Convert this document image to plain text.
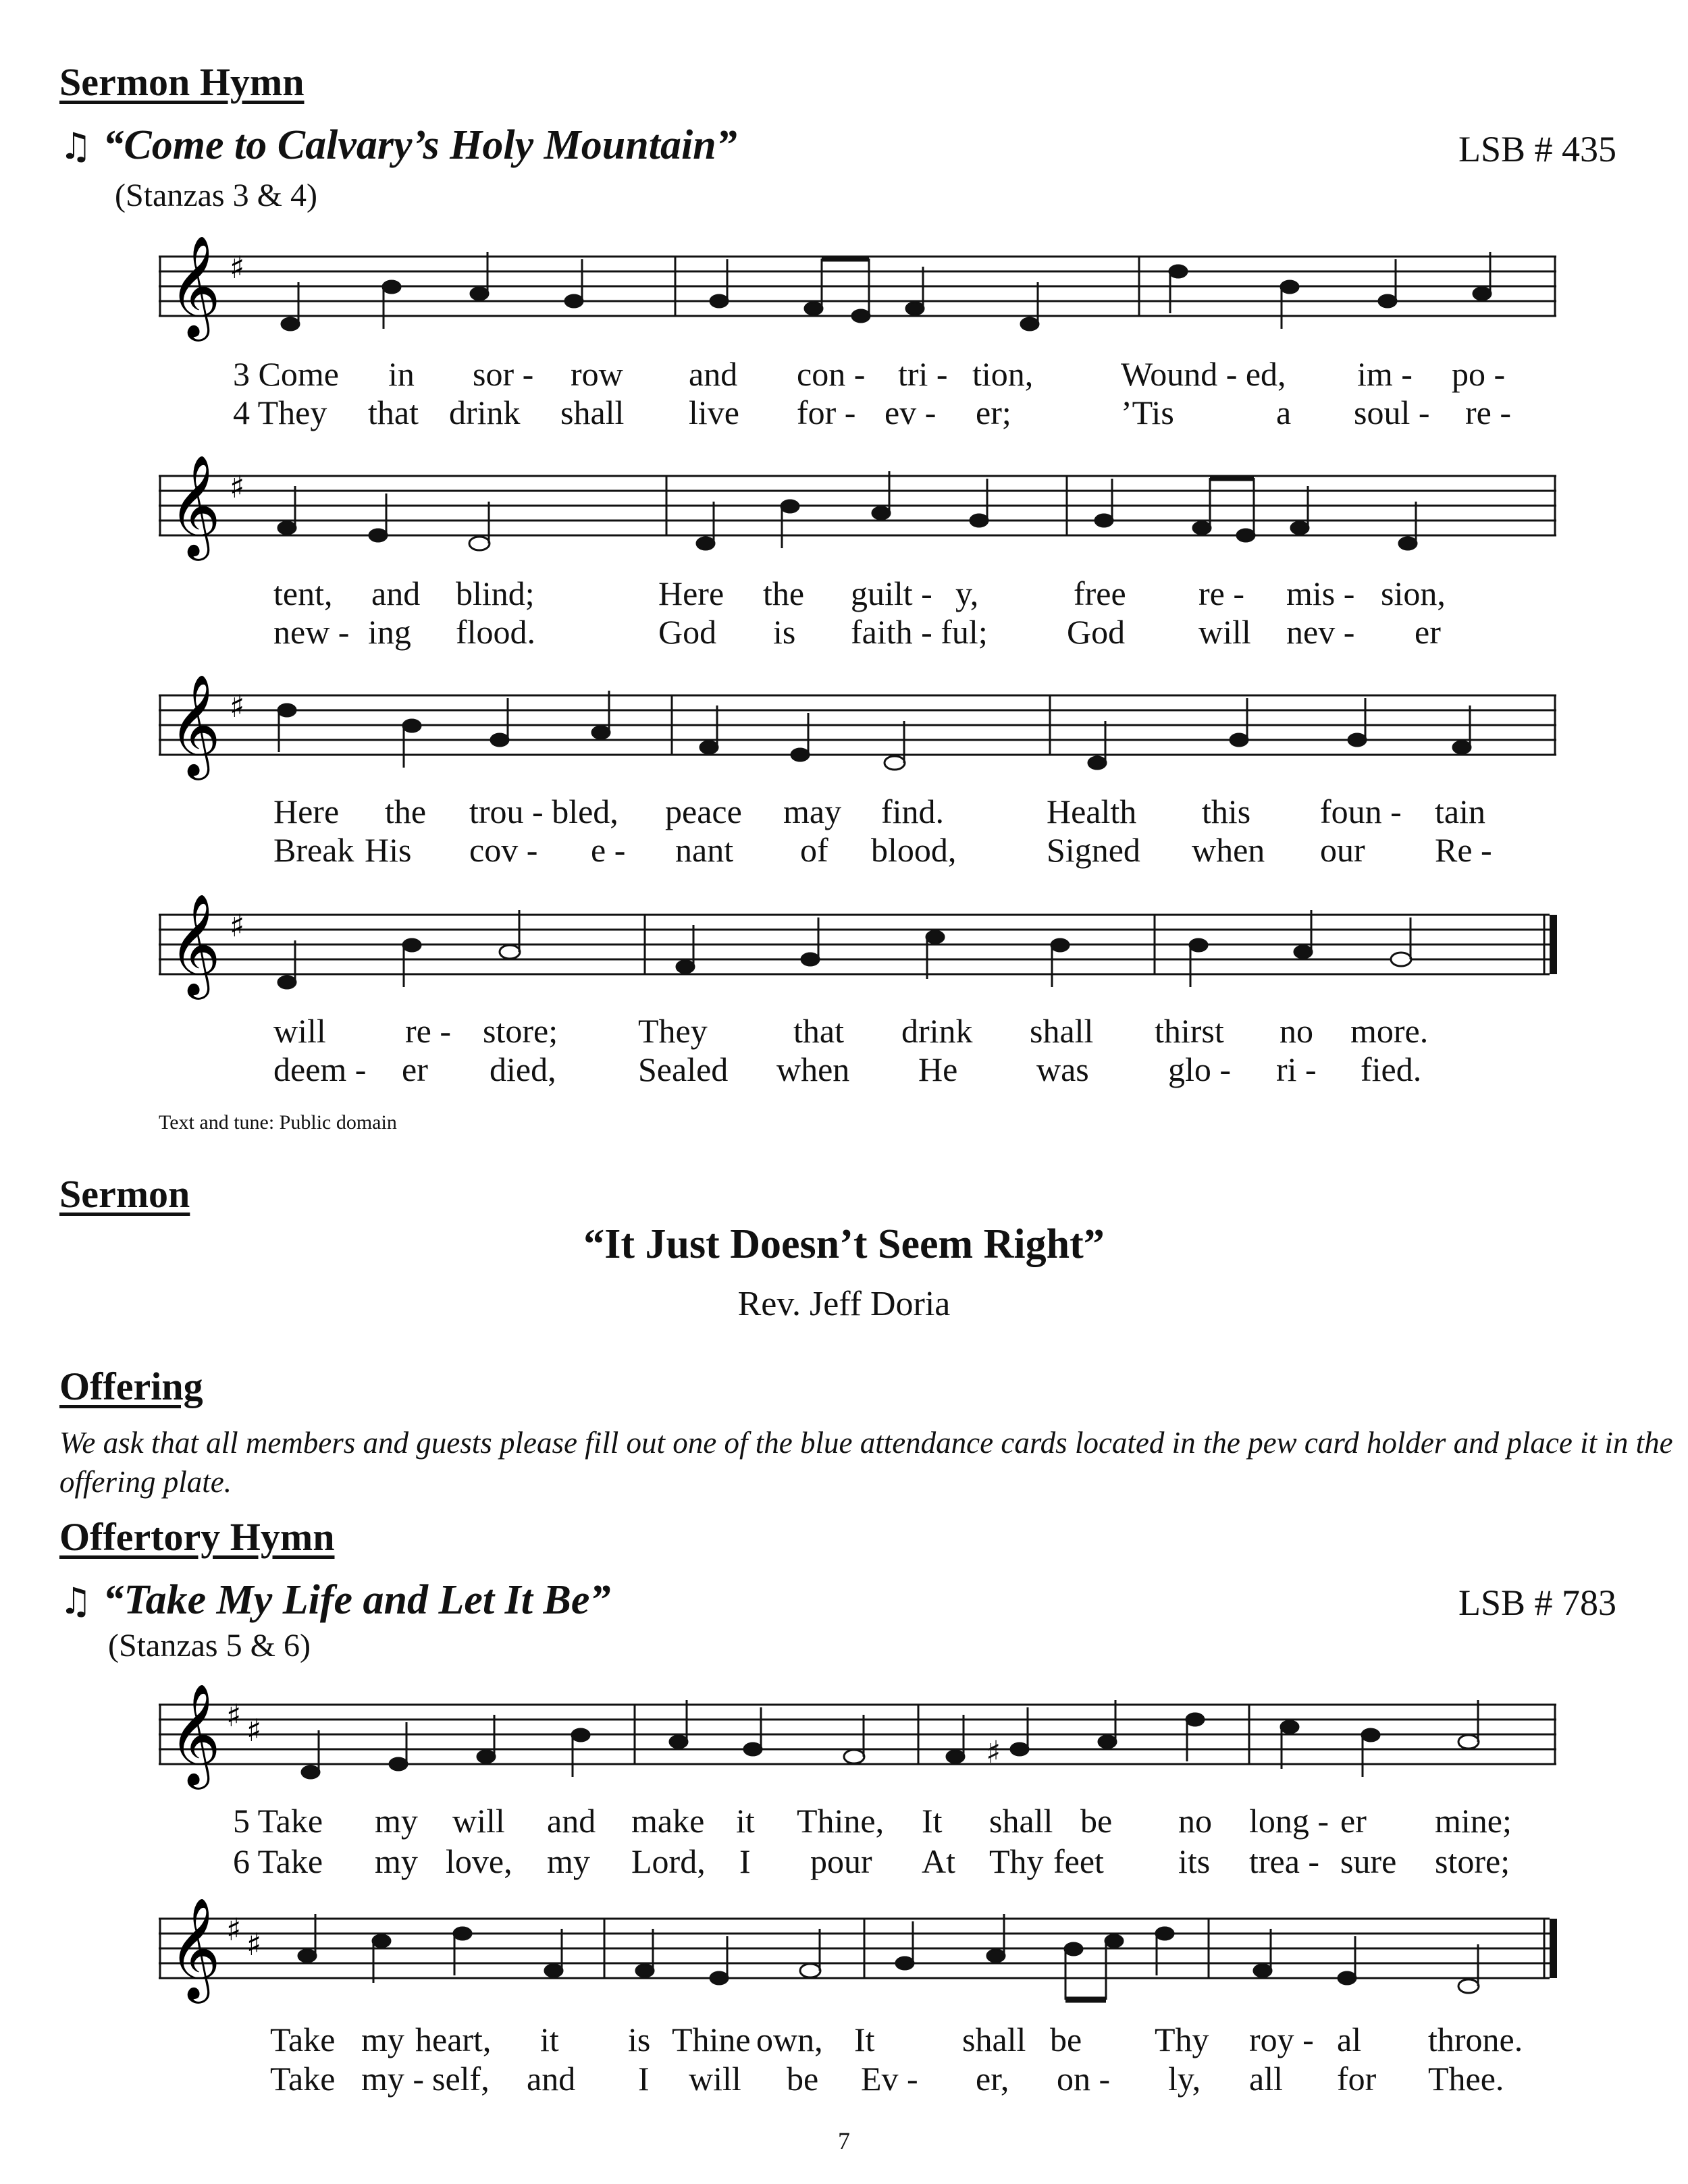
Sermon Hymn
♫ “Come to Calvary’s Holy Mountain”	LSB # 435
(Stanzas 3 & 4)
𝄞 ♯
3 Come in sor - row and con - tri - tion,	Wound - ed, im - po -
4 They that drink shall live for - ev - er;	’Tis	a soul - re -
𝄞 ♯
tent, and blind;	Here the guilt - y,	free re - mis - sion,
new - ing flood.	God is faith - ful; God will nev - er
𝄞 ♯
Here the trou - bled, peace may find.	Health this foun - tain
Break His cov - e - nant of blood,	Signed when our Re -
𝄞 ♯
will re - store; They	that drink shall thirst no more.
deem - er died, Sealed when He was glo - ri - fied.
Text and tune: Public domain
Sermon
“It Just Doesn’t Seem Right”
Rev. Jeff Doria
Offering
We ask that all members and guests please fill out one of the blue attendance cards located in the pew card holder and place it in the offering plate.
Offertory Hymn
♫ “Take My Life and Let It Be”	LSB # 783
(Stanzas 5 & 6)
𝄞 ♯ ♯
♯
5 Take my will and make it Thine, It shall be no long - er mine;
6 Take my love, my Lord, I pour At Thy feet its trea - sure store;
𝄞 ♯ ♯
Take my heart, it is Thine own, It	shall be Thy roy - al throne.
Take my - self, and I will be Ev - er, on - ly, all for Thee.
7
